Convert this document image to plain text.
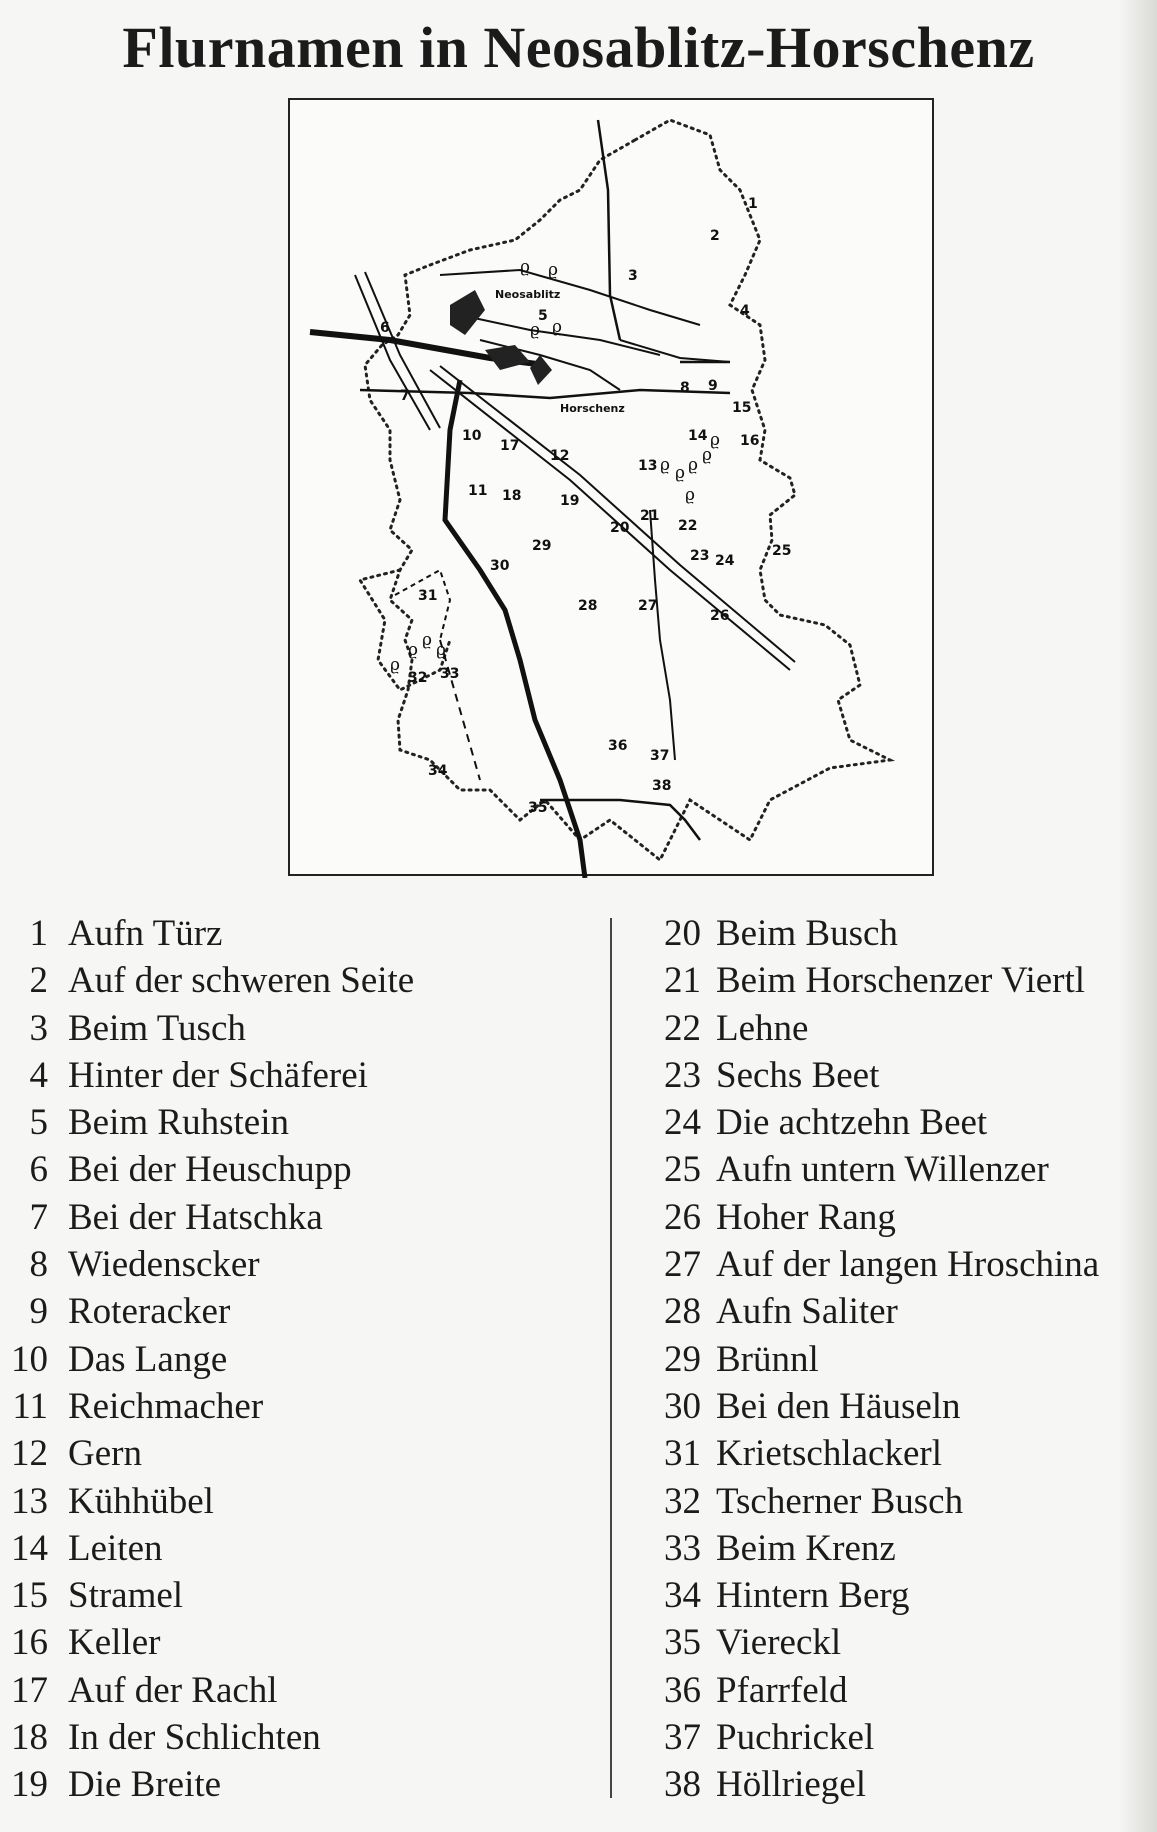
Flurnamen in Neosablitz-Horschenz
Neosablitz
Horschenz
ϱ ϱ
ϱ ϱ
ϱ ϱ ϱ ϱ
ϱ
ϱ
ϱ
ϱ ϱ ϱ
1
2
3
4
5
6
7	8 9
10
11
12
13
14
15
16
17
18	19
20
21
22
23 24
25
26
27
28
29
30
31
32 33
34
35
36
37
38
1 Aufn Türz
2 Auf der schweren Seite
3 Beim Tusch
4 Hinter der Schäferei
5 Beim Ruhstein
6 Bei der Heuschupp
7 Bei der Hatschka
8 Wiedenscker
9 Roteracker
10 Das Lange
11 Reichmacher
12 Gern
13 Kühhübel
14 Leiten
15 Stramel
16 Keller
17 Auf der Rachl
18 In der Schlichten
19 Die Breite
20 Beim Busch
21 Beim Horschenzer Viertl
22 Lehne
23 Sechs Beet
24 Die achtzehn Beet
25 Aufn untern Willenzer
26 Hoher Rang
27 Auf der langen Hroschina
28 Aufn Saliter
29 Brünnl
30 Bei den Häuseln
31 Krietschlackerl
32 Tscherner Busch
33 Beim Krenz
34 Hintern Berg
35 Viereckl
36 Pfarrfeld
37 Puchrickel
38 Höllriegel
